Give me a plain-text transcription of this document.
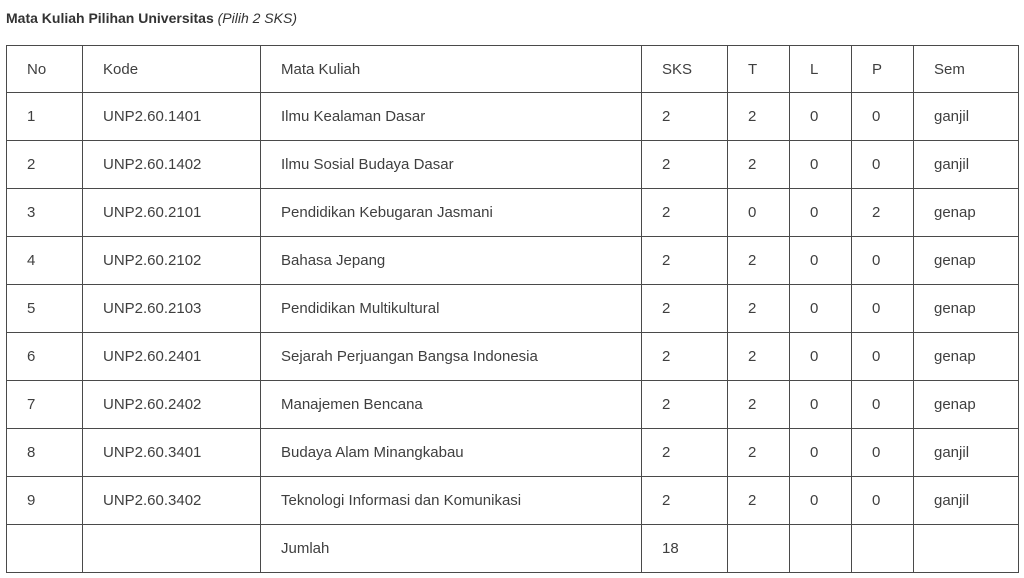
Mata Kuliah Pilihan Universitas (Pilih 2 SKS)
No	Kode	Mata Kuliah	SKS	T	L	P	Sem
1	UNP2.60.1401	Ilmu Kealaman Dasar	2	2	0	0	ganjil
2	UNP2.60.1402	Ilmu Sosial Budaya Dasar	2	2	0	0	ganjil
3	UNP2.60.2101	Pendidikan Kebugaran Jasmani	2	0	0	2	genap
4	UNP2.60.2102	Bahasa Jepang	2	2	0	0	genap
5	UNP2.60.2103	Pendidikan Multikultural	2	2	0	0	genap
6	UNP2.60.2401	Sejarah Perjuangan Bangsa Indonesia	2	2	0	0	genap
7	UNP2.60.2402	Manajemen Bencana	2	2	0	0	genap
8	UNP2.60.3401	Budaya Alam Minangkabau	2	2	0	0	ganjil
9	UNP2.60.3402	Teknologi Informasi dan Komunikasi	2	2	0	0	ganjil
		Jumlah	18				
